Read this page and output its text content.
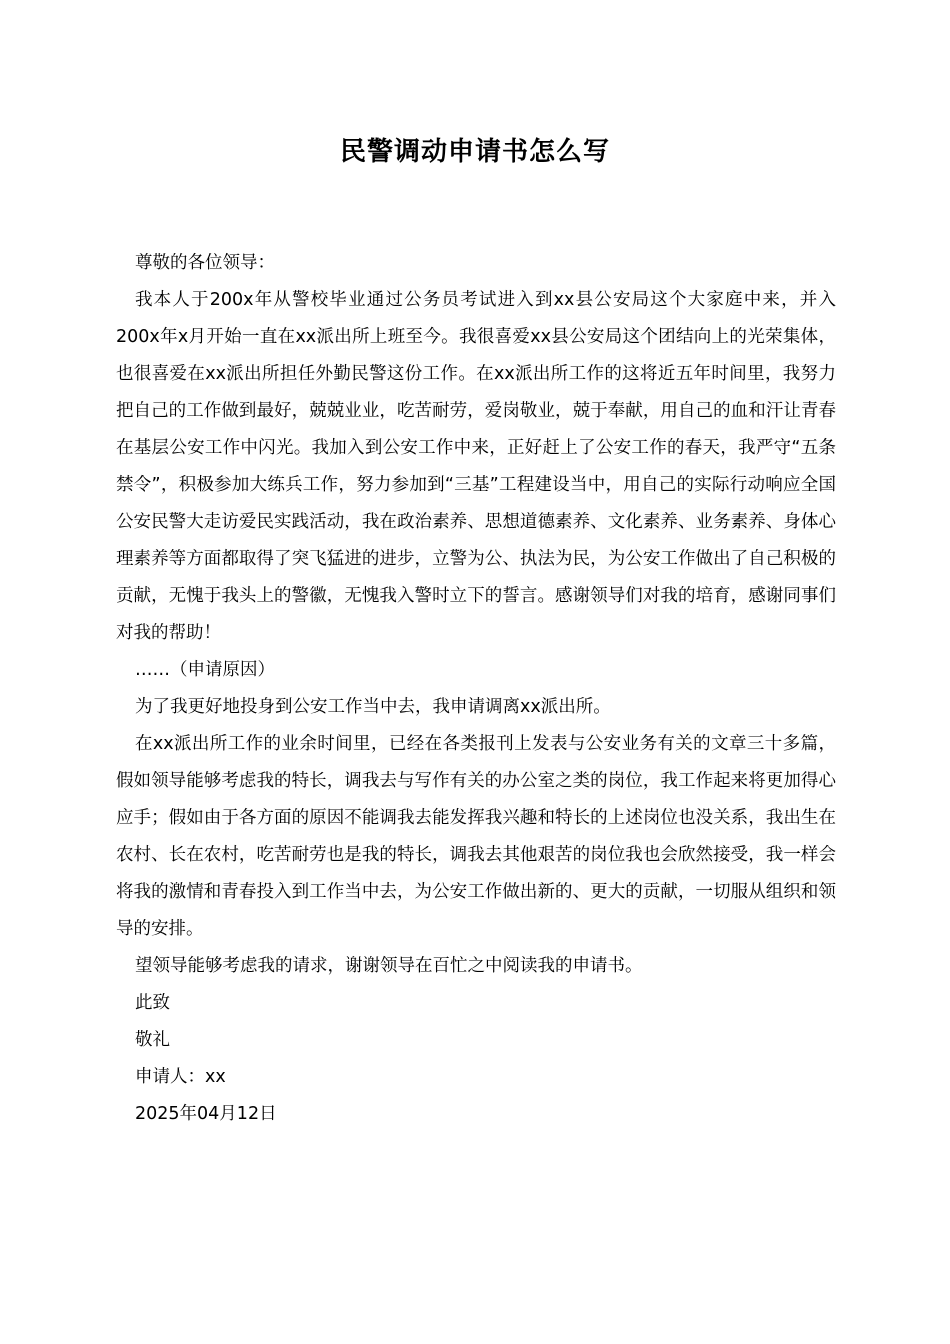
民警调动申请书怎么写

尊敬的各位领导：

我本人于200x年从警校毕业通过公务员考试进入到xx县公安局这个大家庭中来，并入200x年x月开始一直在xx派出所上班至今。我很喜爱xx县公安局这个团结向上的光荣集体，也很喜爱在xx派出所担任外勤民警这份工作。在xx派出所工作的这将近五年时间里，我努力把自己的工作做到最好，兢兢业业，吃苦耐劳，爱岗敬业，兢于奉献，用自己的血和汗让青春在基层公安工作中闪光。我加入到公安工作中来，正好赶上了公安工作的春天，我严守“五条禁令”，积极参加大练兵工作，努力参加到“三基”工程建设当中，用自己的实际行动响应全国公安民警大走访爱民实践活动，我在政治素养、思想道德素养、文化素养、业务素养、身体心理素养等方面都取得了突飞猛进的进步，立警为公、执法为民，为公安工作做出了自己积极的贡献，无愧于我头上的警徽，无愧我入警时立下的誓言。感谢领导们对我的培育，感谢同事们对我的帮助！

……（申请原因）

为了我更好地投身到公安工作当中去，我申请调离xx派出所。

在xx派出所工作的业余时间里，已经在各类报刊上发表与公安业务有关的文章三十多篇，假如领导能够考虑我的特长，调我去与写作有关的办公室之类的岗位，我工作起来将更加得心应手；假如由于各方面的原因不能调我去能发挥我兴趣和特长的上述岗位也没关系，我出生在农村、长在农村，吃苦耐劳也是我的特长，调我去其他艰苦的岗位我也会欣然接受，我一样会将我的激情和青春投入到工作当中去，为公安工作做出新的、更大的贡献，一切服从组织和领导的安排。

望领导能够考虑我的请求，谢谢领导在百忙之中阅读我的申请书。

此致

敬礼

申请人：xx

2025年04月12日
